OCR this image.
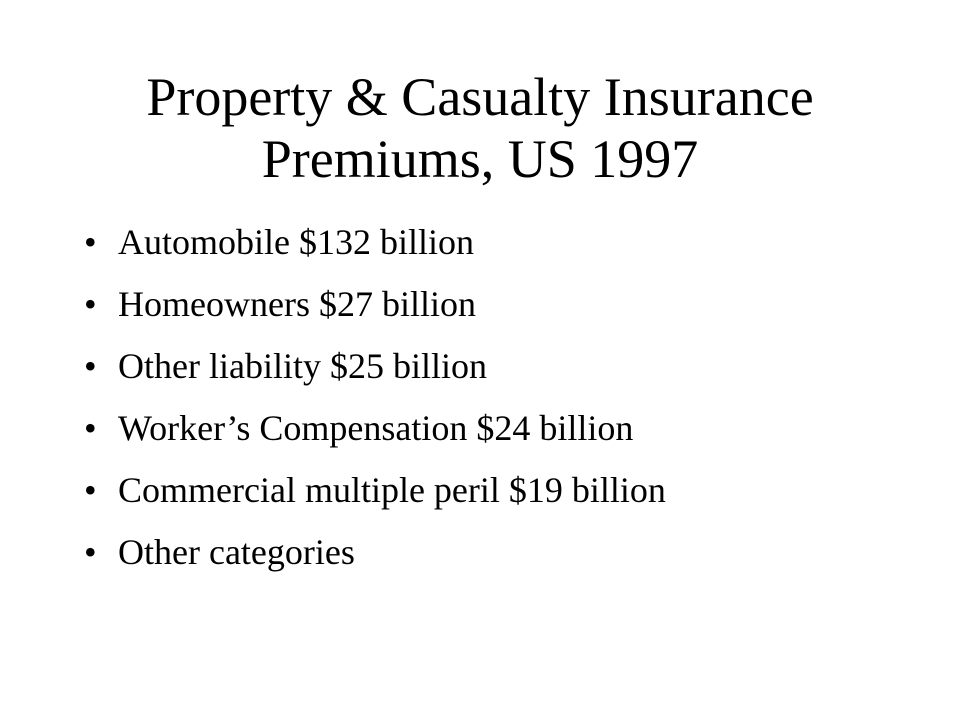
Property & Casualty Insurance
Premiums, US 1997
• Automobile $132 billion
• Homeowners $27 billion
• Other liability $25 billion
• Worker’s Compensation $24 billion
• Commercial multiple peril $19 billion
• Other categories
